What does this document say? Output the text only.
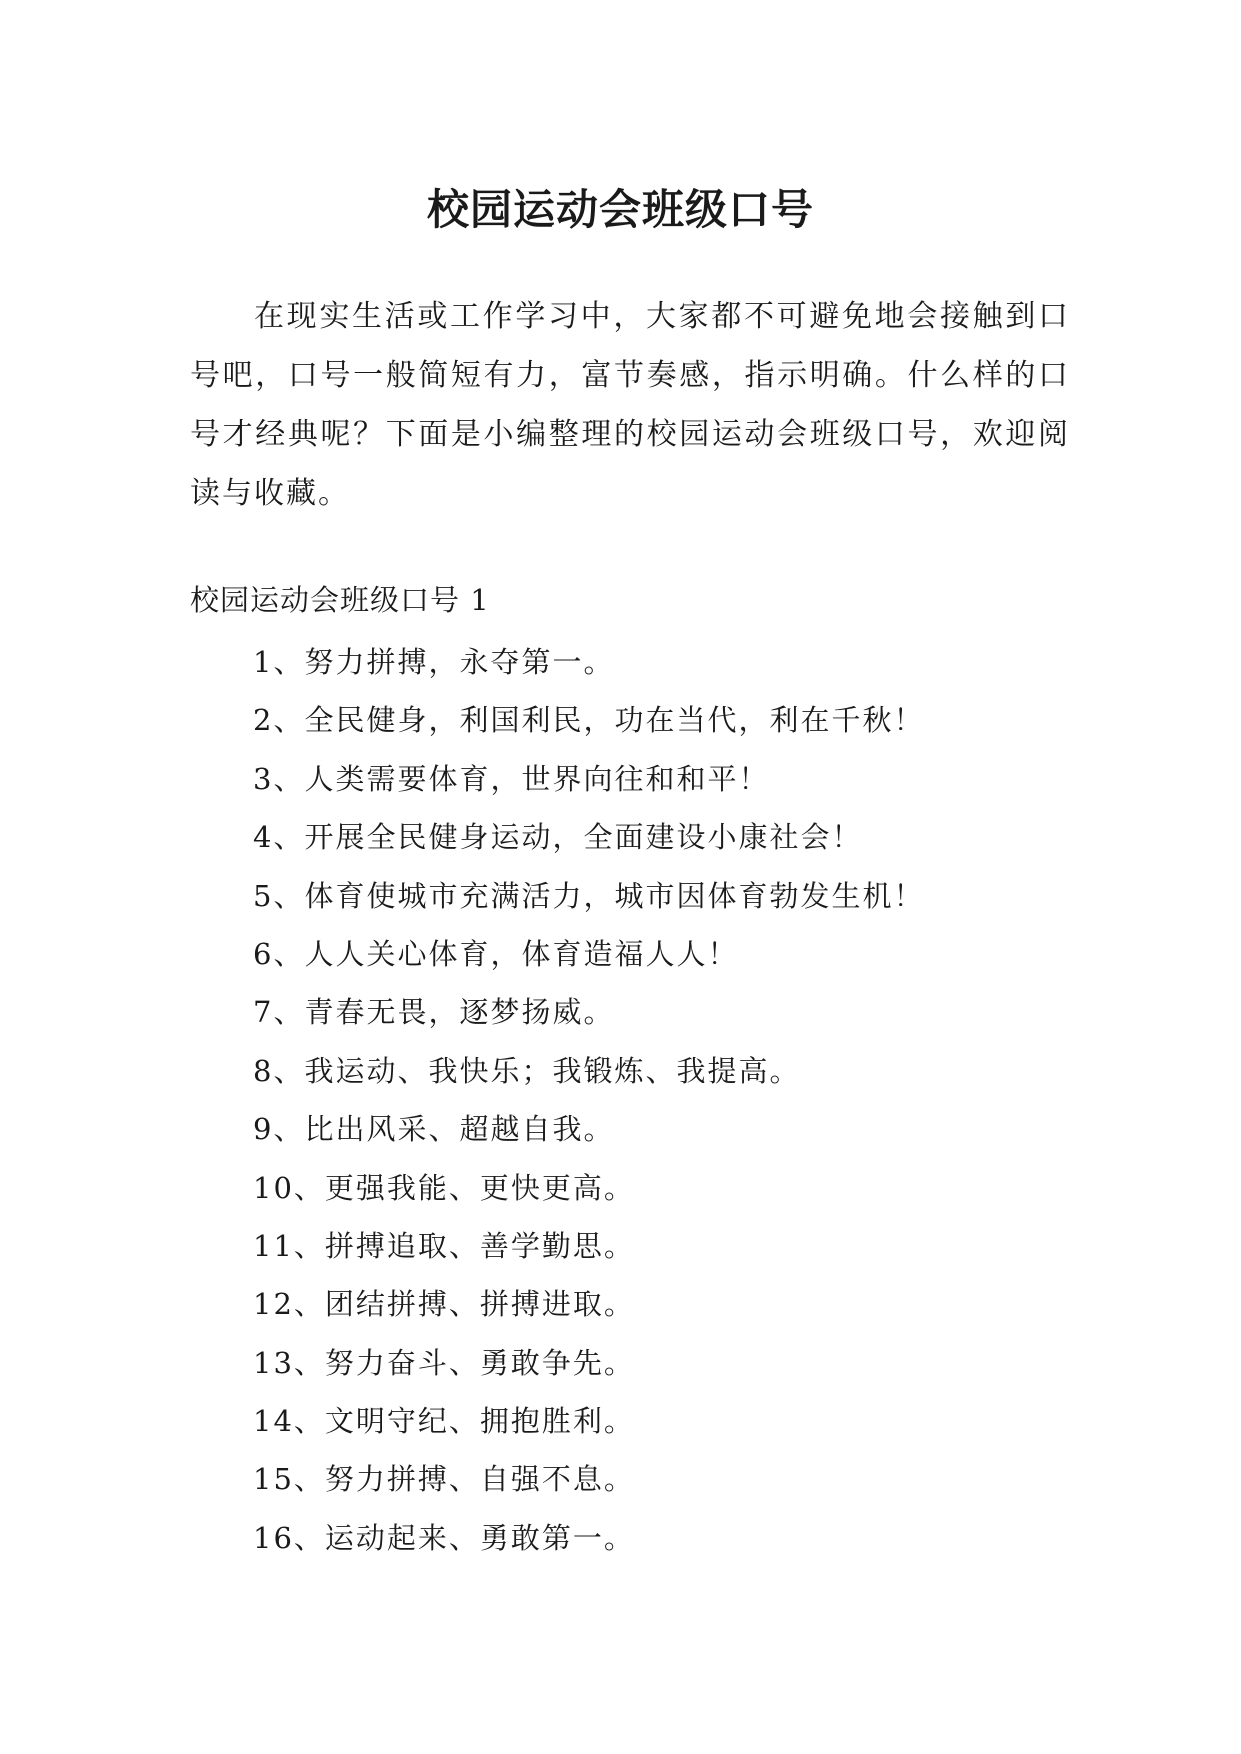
校园运动会班级口号

在现实生活或工作学习中，大家都不可避免地会接触到口号吧，口号一般简短有力，富节奏感，指示明确。什么样的口号才经典呢？下面是小编整理的校园运动会班级口号，欢迎阅读与收藏。

校园运动会班级口号 1

1、 努力拼搏，永夺第一。
2、 全民健身，利国利民，功在当代，利在千秋！
3、 人类需要体育，世界向往和和平！
4、 开展全民健身运动，全面建设小康社会！
5、 体育使城市充满活力，城市因体育勃发生机！
6、 人人关心体育，体育造福人人！
7、 青春无畏，逐梦扬威。
8、 我运动、我快乐；我锻炼、我提高。
9、 比出风采、超越自我。
10、 更强我能、更快更高。
11、 拼搏追取、善学勤思。
12、 团结拼搏、拼搏进取。
13、 努力奋斗、勇敢争先。
14、 文明守纪、拥抱胜利。
15、 努力拼搏、自强不息。
16、 运动起来、勇敢第一。
